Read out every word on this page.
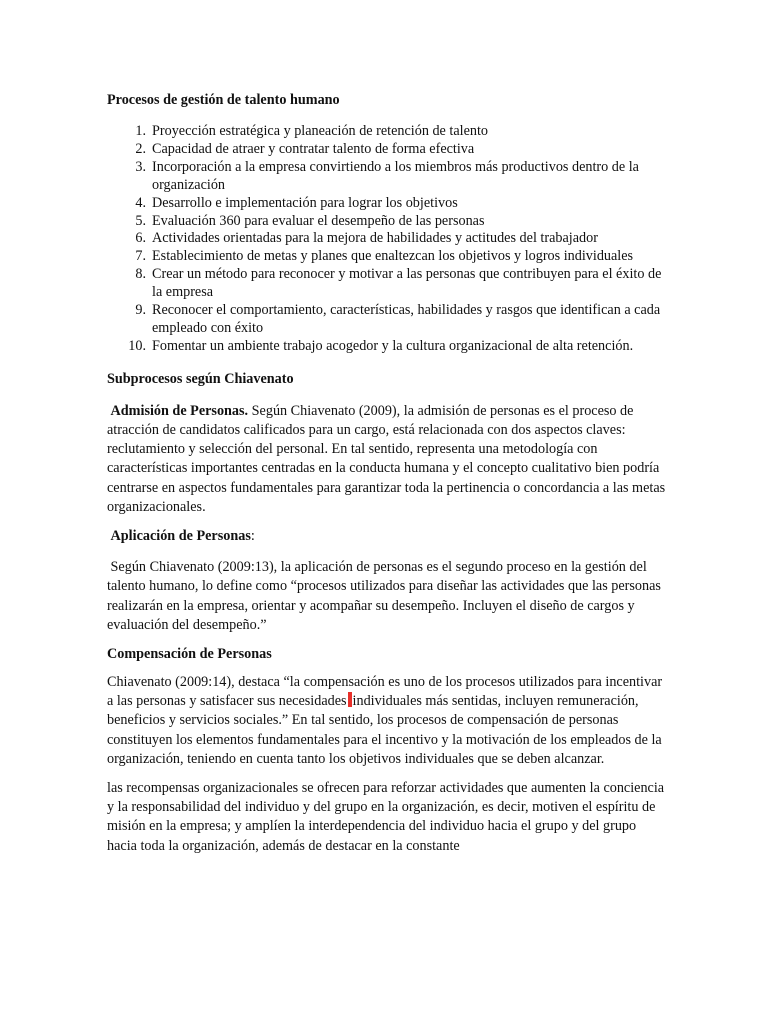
Procesos de gestión de talento humano
1. Proyección estratégica y planeación de retención de talento
2. Capacidad de atraer y contratar talento de forma efectiva
3. Incorporación a la empresa convirtiendo a los miembros más productivos dentro de la organización
4. Desarrollo e implementación para lograr los objetivos
5. Evaluación 360 para evaluar el desempeño de las personas
6. Actividades orientadas para la mejora de habilidades y actitudes del trabajador
7. Establecimiento de metas y planes que enaltezcan los objetivos y logros individuales
8. Crear un método para reconocer y motivar a las personas que contribuyen para el éxito de la empresa
9. Reconocer el comportamiento, características, habilidades y rasgos que identifican a cada empleado con éxito
10. Fomentar un ambiente trabajo acogedor y la cultura organizacional de alta retención.
Subprocesos según Chiavenato

Admisión de Personas. Según Chiavenato (2009), la admisión de personas es el proceso de atracción de candidatos calificados para un cargo, está relacionada con dos aspectos claves: reclutamiento y selección del personal. En tal sentido, representa una metodología con características importantes centradas en la conducta humana y el concepto cualitativo bien podría centrarse en aspectos fundamentales para garantizar toda la pertinencia o concordancia a las metas organizacionales.

Aplicación de Personas:

Según Chiavenato (2009:13), la aplicación de personas es el segundo proceso en la gestión del talento humano, lo define como “procesos utilizados para diseñar las actividades que las personas realizarán en la empresa, orientar y acompañar su desempeño. Incluyen el diseño de cargos y evaluación del desempeño.”

Compensación de Personas

Chiavenato (2009:14), destaca “la compensación es uno de los procesos utilizados para incentivar a las personas y satisfacer sus necesidades individuales más sentidas, incluyen remuneración, beneficios y servicios sociales.” En tal sentido, los procesos de compensación de personas constituyen los elementos fundamentales para el incentivo y la motivación de los empleados de la organización, teniendo en cuenta tanto los objetivos individuales que se deben alcanzar.

las recompensas organizacionales se ofrecen para reforzar actividades que aumenten la conciencia y la responsabilidad del individuo y del grupo en la organización, es decir, motiven el espíritu de misión en la empresa; y amplíen la interdependencia del individuo hacia el grupo y del grupo hacia toda la organización, además de destacar en la constante
